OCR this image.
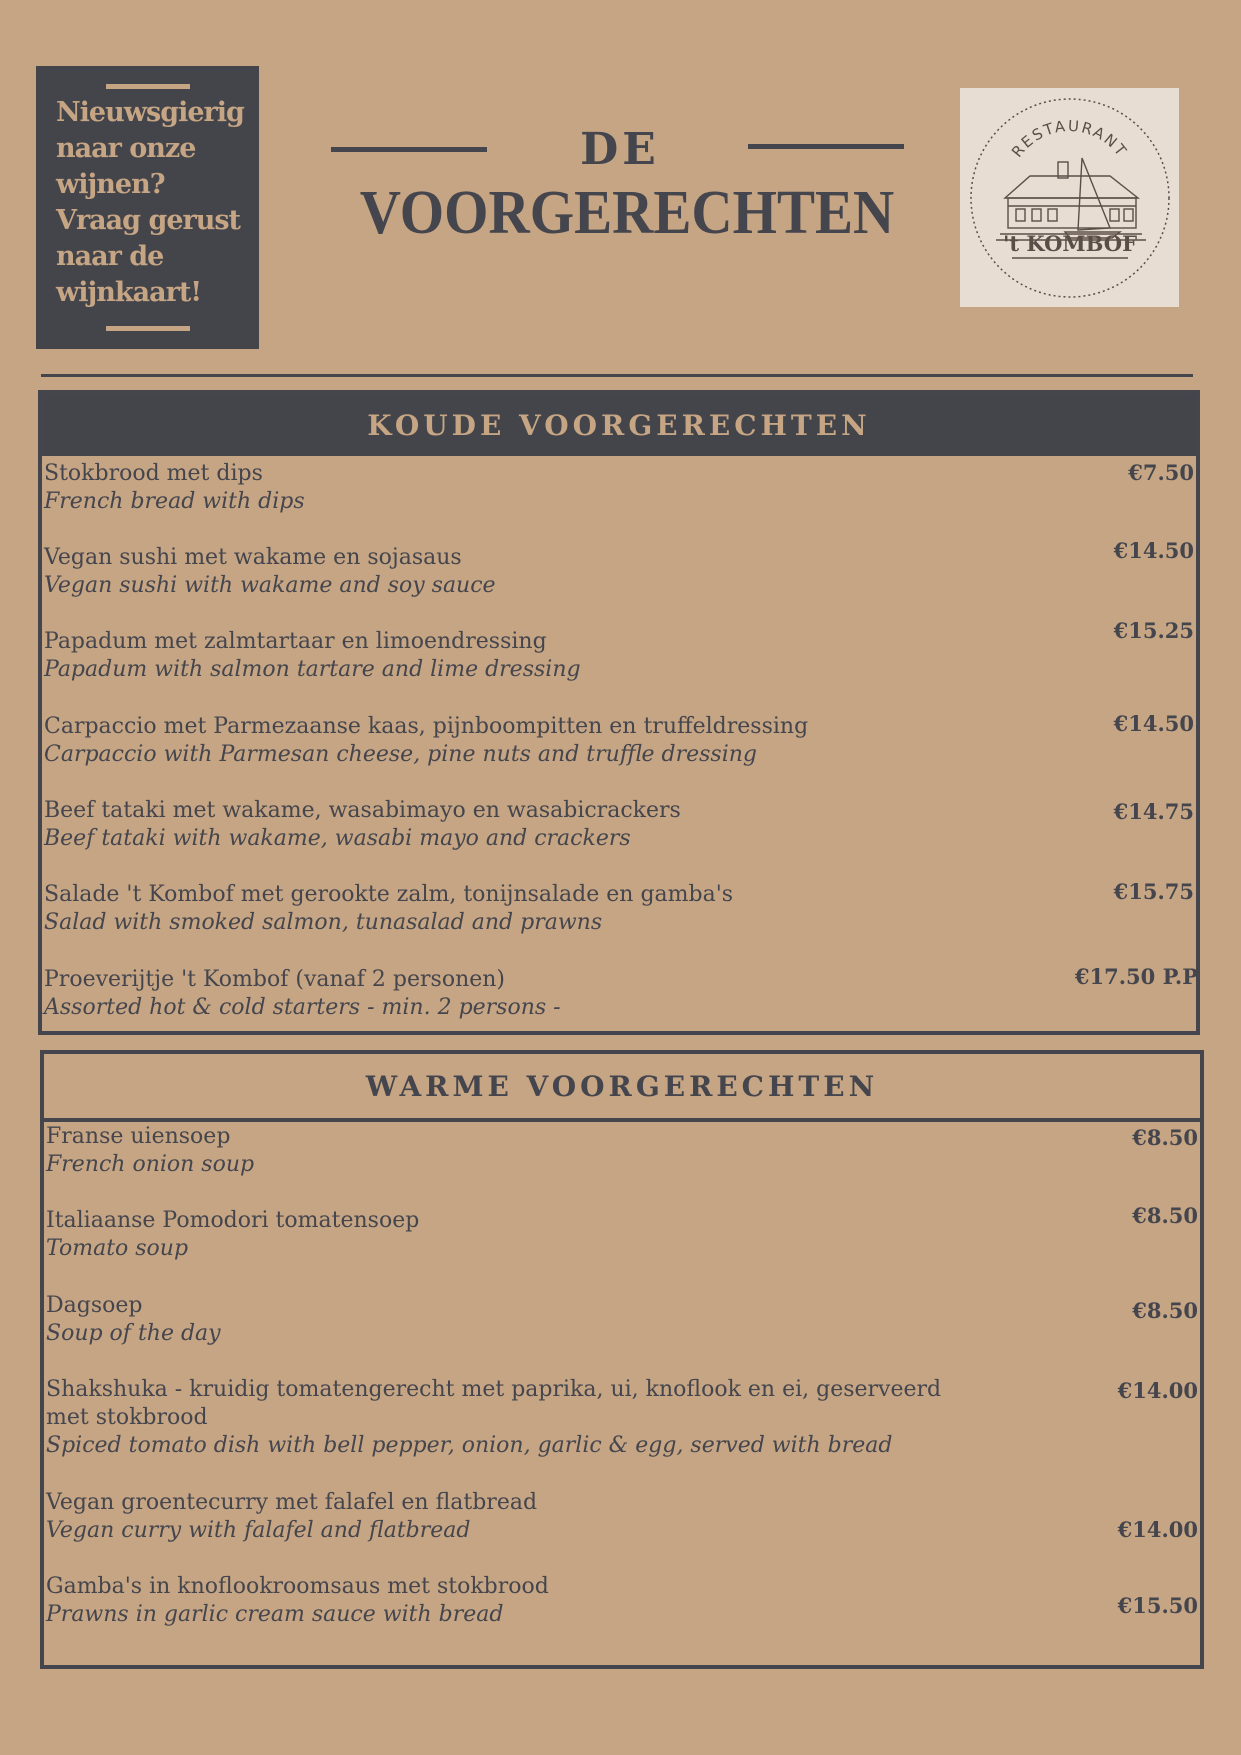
Nieuwsgierig
naar onze
wijnen?
Vraag gerust
naar de
wijnkaart!

DE
VOORGERECHTEN
RESTAURANT
't KOMBOF
KOUDE VOORGERECHTEN
Stokbrood met dips
French bread with dips
€7.50
Vegan sushi met wakame en sojasaus
Vegan sushi with wakame and soy sauce
€14.50
Papadum met zalmtartaar en limoendressing
Papadum with salmon tartare and lime dressing
€15.25
Carpaccio met Parmezaanse kaas, pijnboompitten en truffeldressing
Carpaccio with Parmesan cheese, pine nuts and truffle dressing
€14.50
Beef tataki met wakame, wasabimayo en wasabicrackers
Beef tataki with wakame, wasabi mayo and crackers
€14.75
Salade 't Kombof met gerookte zalm, tonijnsalade en gamba's
Salad with smoked salmon, tunasalad and prawns
€15.75
Proeverijtje 't Kombof (vanaf 2 personen)
Assorted hot & cold starters - min. 2 persons -
€17.50 P.P
WARME VOORGERECHTEN
Franse uiensoep
French onion soup
€8.50
Italiaanse Pomodori tomatensoep
Tomato soup
€8.50
Dagsoep
Soup of the day
€8.50
Shakshuka - kruidig tomatengerecht met paprika, ui, knoflook en ei, geserveerd met stokbrood
Spiced tomato dish with bell pepper, onion, garlic & egg, served with bread
€14.00
Vegan groentecurry met falafel en flatbread
Vegan curry with falafel and flatbread	€14.00
Gamba's in knoflookroomsaus met stokbrood
Prawns in garlic cream sauce with bread	€15.50
